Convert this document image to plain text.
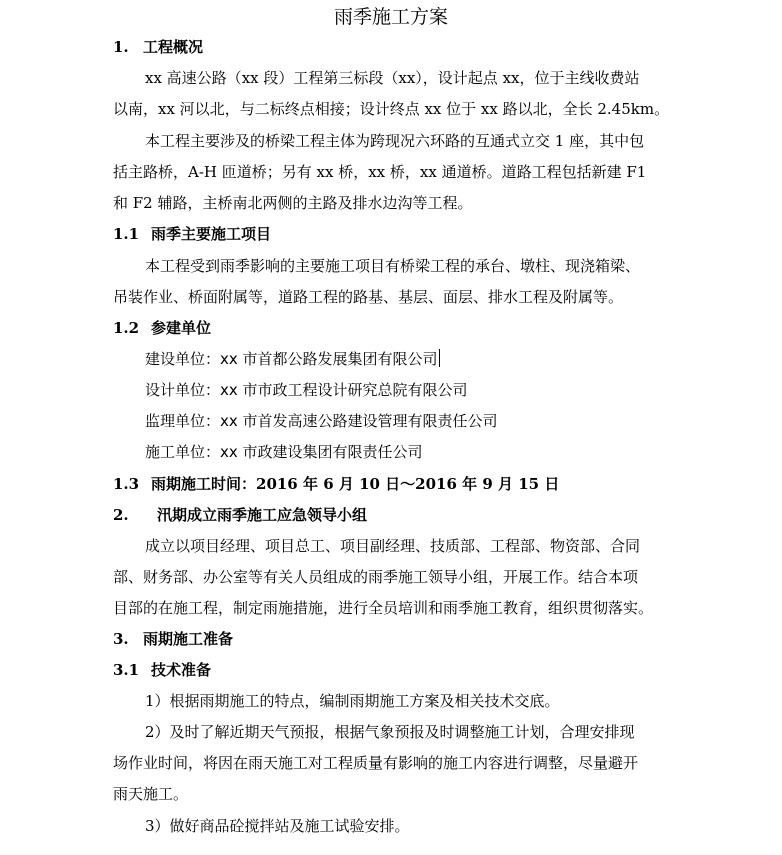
雨季施工方案
1. 工程概况
xx 高速公路（xx 段）工程第三标段（xx），设计起点 xx，位于主线收费站
以南，xx 河以北，与二标终点相接；设计终点 xx 位于 xx 路以北，全长 2.45km。
本工程主要涉及的桥梁工程主体为跨现况六环路的互通式立交 1 座，其中包
括主路桥，A-H 匝道桥；另有 xx 桥，xx 桥，xx 通道桥。道路工程包括新建 F1
和 F2 辅路，主桥南北两侧的主路及排水边沟等工程。
1.1 雨季主要施工项目
本工程受到雨季影响的主要施工项目有桥梁工程的承台、墩柱、现浇箱梁、
吊装作业、桥面附属等，道路工程的路基、基层、面层、排水工程及附属等。
1.2 参建单位
建设单位：xx 市首都公路发展集团有限公司
设计单位：xx 市市政工程设计研究总院有限公司
监理单位：xx 市首发高速公路建设管理有限责任公司
施工单位：xx 市政建设集团有限责任公司
1.3 雨期施工时间：2016 年 6 月 10 日～2016 年 9 月 15 日
2. 汛期成立雨季施工应急领导小组
成立以项目经理、项目总工、项目副经理、技质部、工程部、物资部、合同
部、财务部、办公室等有关人员组成的雨季施工领导小组，开展工作。结合本项
目部的在施工程，制定雨施措施，进行全员培训和雨季施工教育，组织贯彻落实。
3. 雨期施工准备
3.1 技术准备
1）根据雨期施工的特点，编制雨期施工方案及相关技术交底。
2）及时了解近期天气预报，根据气象预报及时调整施工计划，合理安排现
场作业时间，将因在雨天施工对工程质量有影响的施工内容进行调整，尽量避开
雨天施工。
3）做好商品砼搅拌站及施工试验安排。
